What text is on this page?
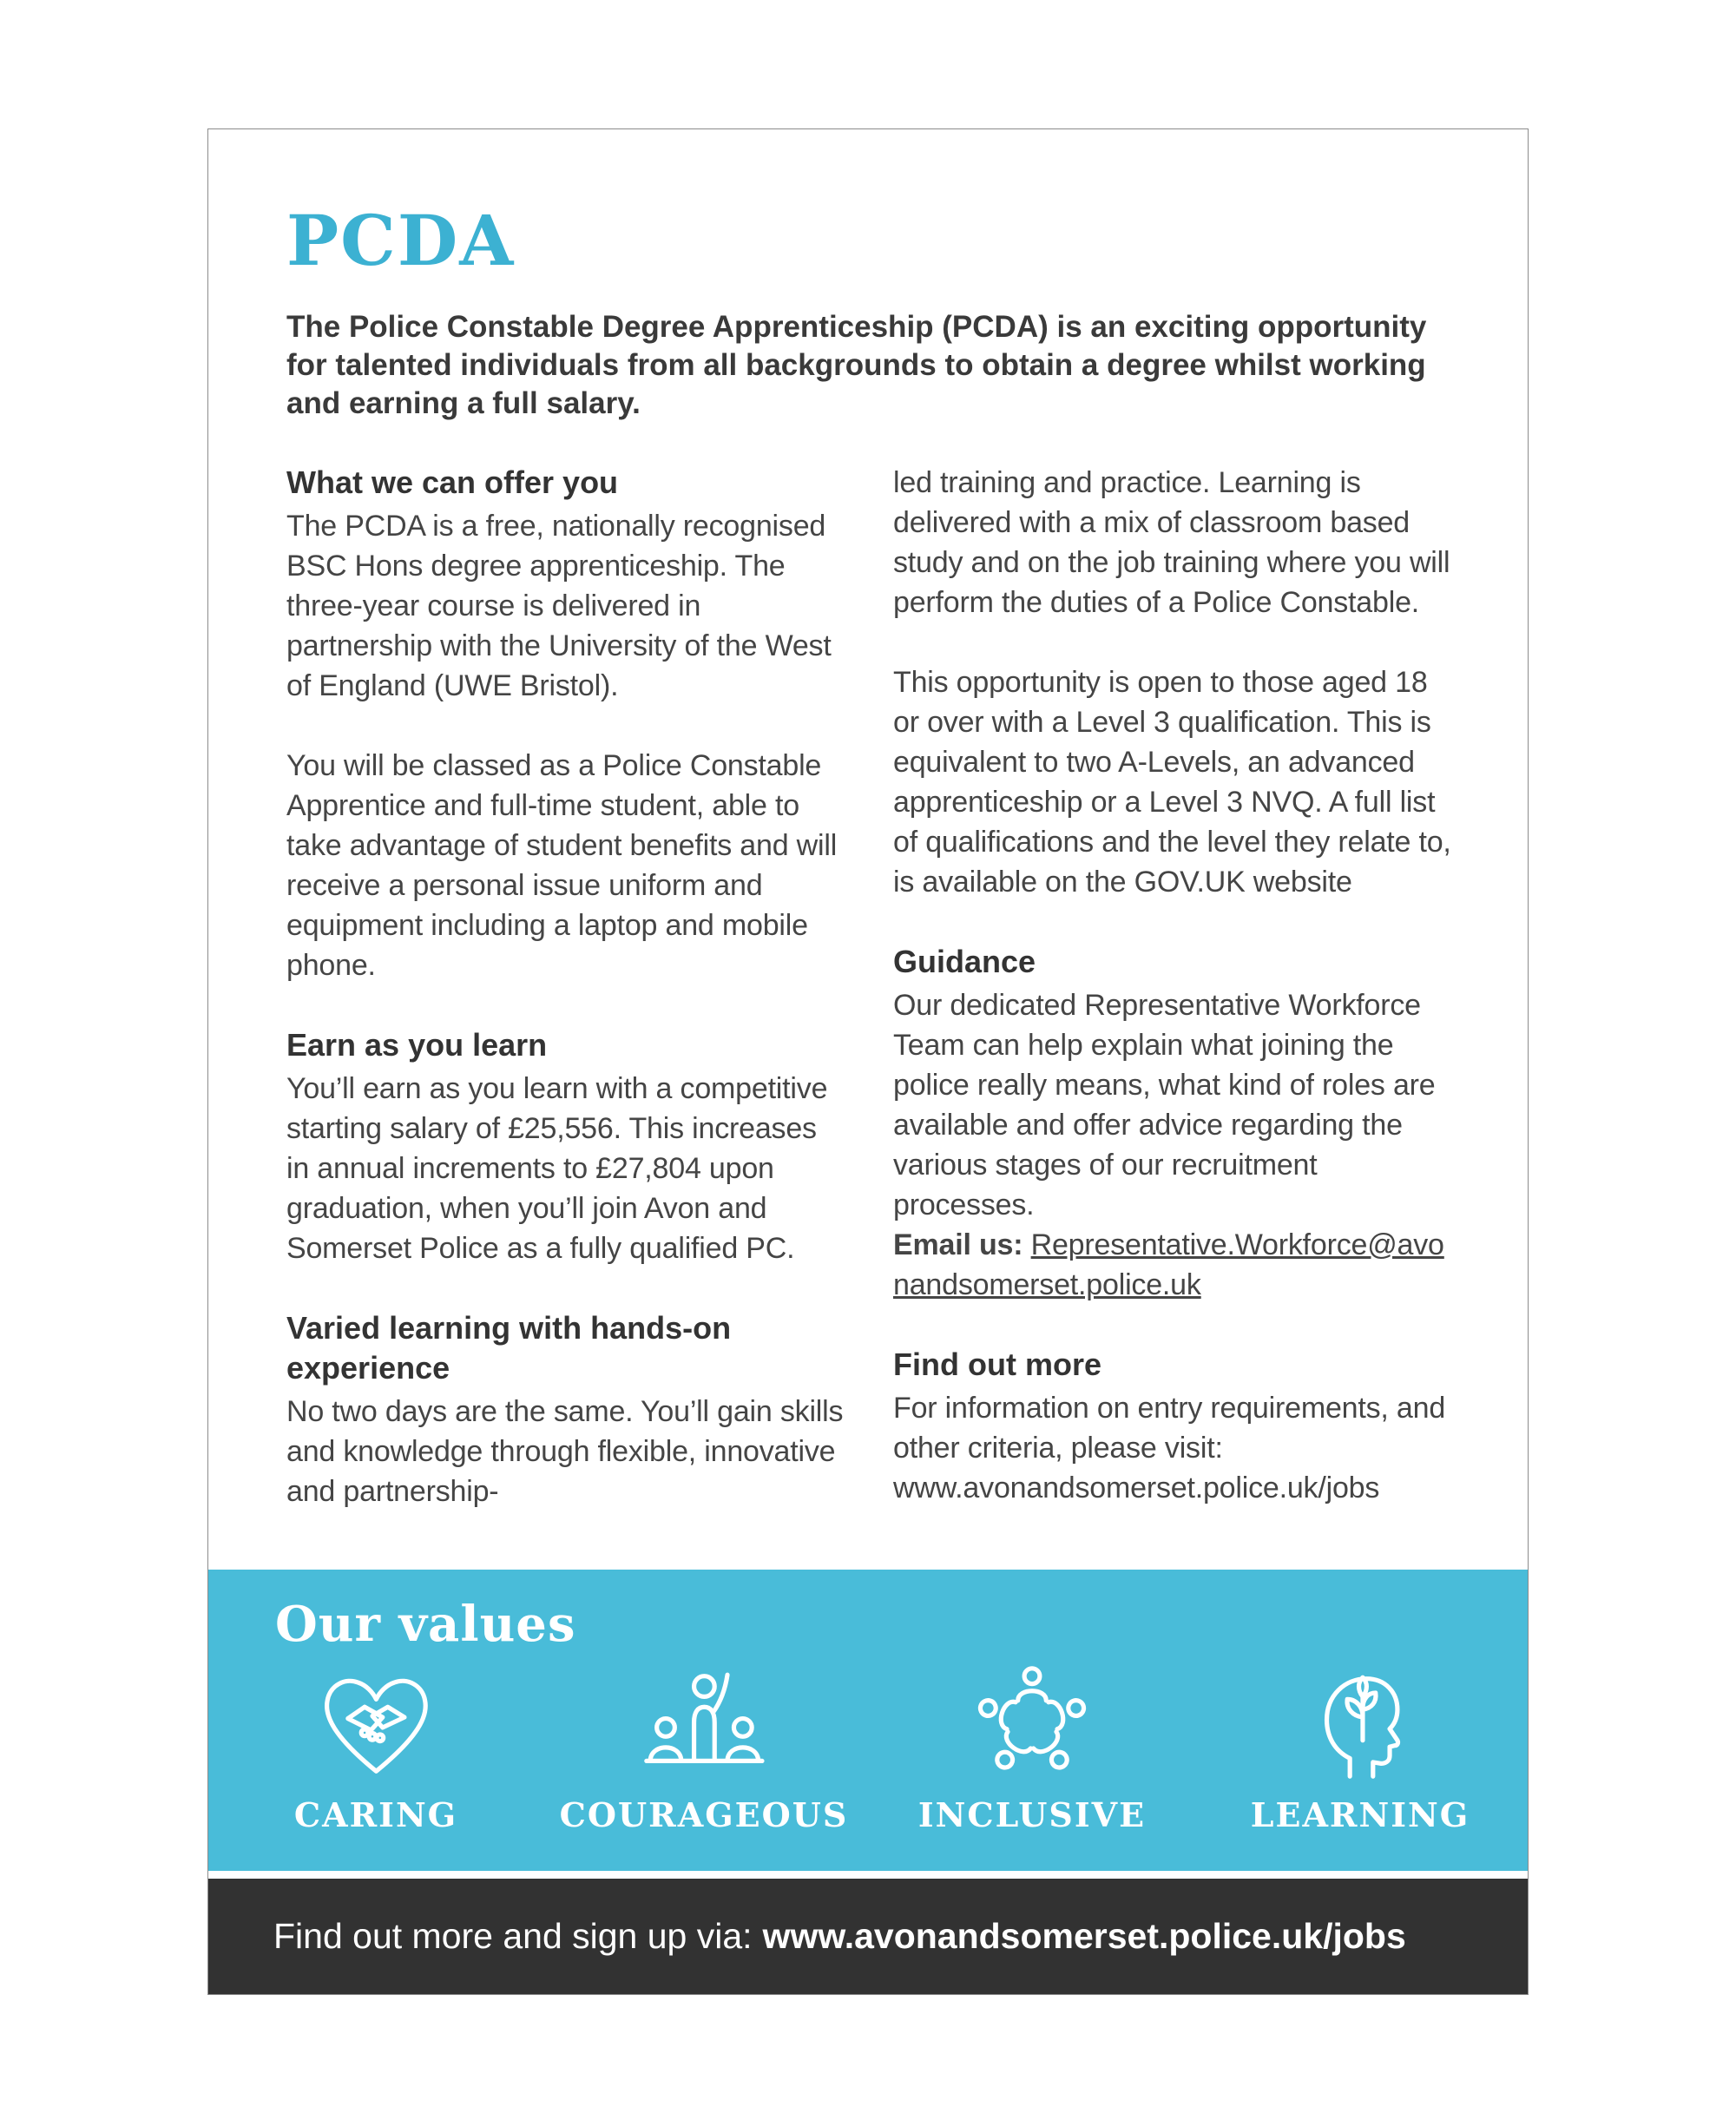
PCDA

The Police Constable Degree Apprenticeship (PCDA) is an exciting opportunity for talented individuals from all backgrounds to obtain a degree whilst working and earning a full salary.

What we can offer you

The PCDA is a free, nationally recognised BSC Hons degree apprenticeship. The three-year course is delivered in partnership with the University of the West of England (UWE Bristol).

You will be classed as a Police Constable Apprentice and full-time student, able to take advantage of student benefits and will receive a personal issue uniform and equipment including a laptop and mobile phone.

Earn as you learn

You’ll earn as you learn with a competitive starting salary of £25,556. This increases in annual increments to £27,804 upon graduation, when you’ll join Avon and Somerset Police as a fully qualified PC.

Varied learning with hands-on experience

No two days are the same. You’ll gain skills and knowledge through flexible, innovative and partnership-

led training and practice. Learning is delivered with a mix of classroom based study and on the job training where you will perform the duties of a Police Constable.

This opportunity is open to those aged 18 or over with a Level 3 qualification. This is equivalent to two A-Levels, an advanced apprenticeship or a Level 3 NVQ. A full list of qualifications and the level they relate to, is available on the GOV.UK website

Guidance

Our dedicated Representative Workforce Team can help explain what joining the police really means, what kind of roles are available and offer advice regarding the various stages of our recruitment processes.
Email us: Representative.Workforce@avonandsomerset.police.uk

Find out more

For information on entry requirements, and other criteria, please visit:
www.avonandsomerset.police.uk/jobs

Our values
CARING	COURAGEOUS INCLUSIVE	LEARNING
Find out more and sign up via: www.avonandsomerset.police.uk/jobs
